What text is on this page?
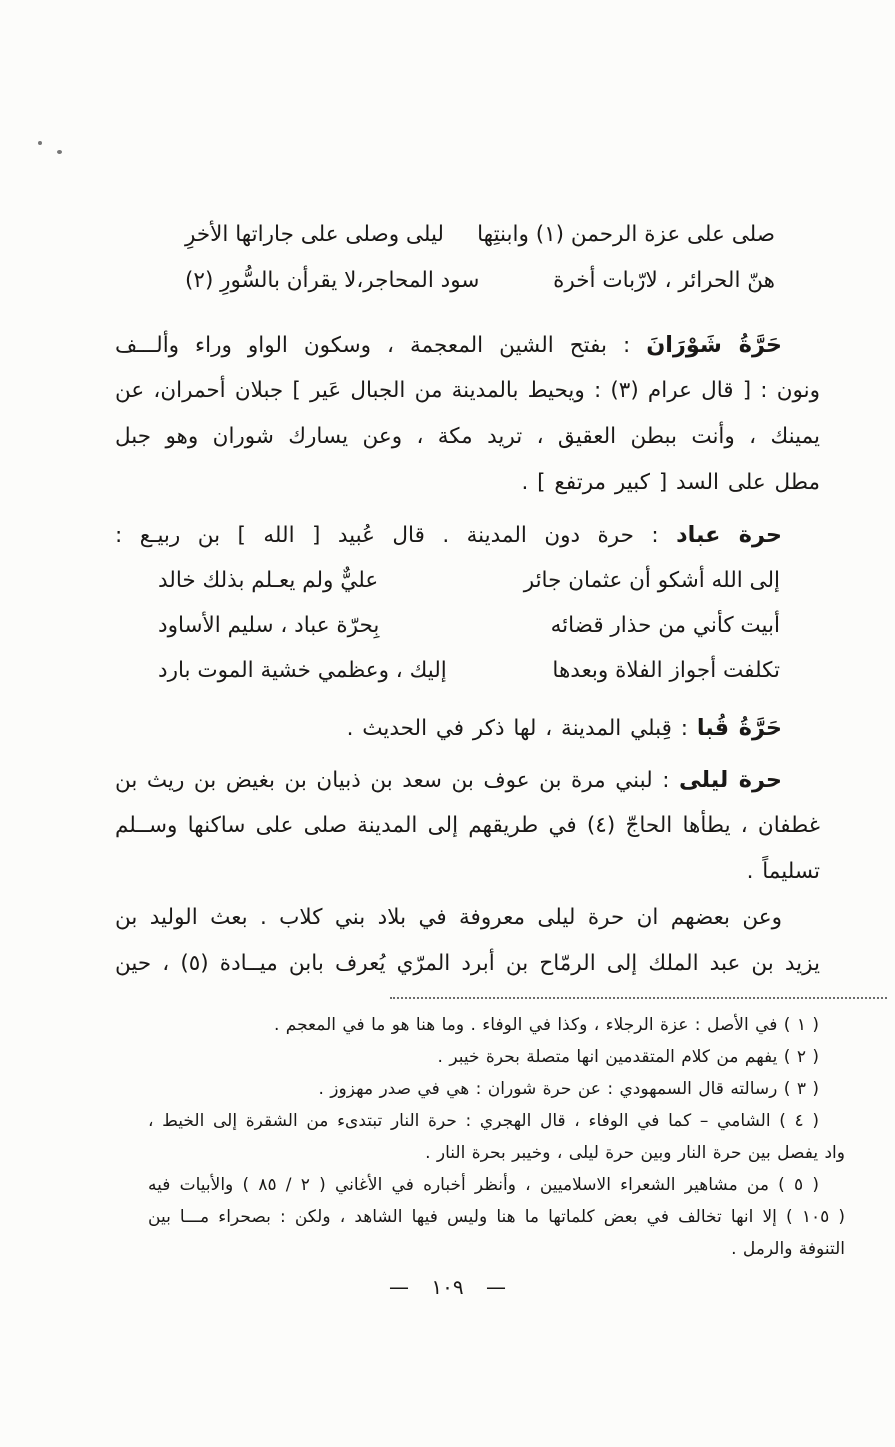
صلى على عزة الرحمن (١) وابنتِها
ليلى وصلى على جاراتها الأخرِ
هنّ الحرائر ، لارّبات أخرة
سود المحاجر،لا يقرأن بالسُّورِ (٢)
حَرَّةُ شَوْرَانَ : بفتح الشين المعجمة ، وسكون الواو وراء وألـــف
ونون : [ قال عرام (٣) : ويحيط بالمدينة من الجبال عَير ] جبلان أحمران، عن
يمينك ، وأنت ببطن العقيق ، تريد مكة ، وعن يسارك شوران وهو جبل
مطل على السد [ كبير مرتفع ] .
حرة عباد : حرة دون المدينة . قال عُبيد [ الله ] بن ربيـع :
إلى الله أشكو أن عثمان جائر
عليٌّ ولم يعـلم بذلك خالد
أبيت كأني من حذار قضائه
بِحرّة عباد ، سليم الأساود
تكلفت أجواز الفلاة وبعدها
إليك ، وعظمي خشية الموت بارد
حَرَّةُ قُبا : قِبلي المدينة ، لها ذكر في الحديث .
حرة ليلى : لبني مرة بن عوف بن سعد بن ذبيان بن بغيض بن ريث بن
غطفان ، يطأها الحاجّ (٤) في طريقهم إلى المدينة صلى على ساكنها وســلم
تسليماً .
وعن بعضهم ان حرة ليلى معروفة في بلاد بني كلاب . بعث الوليد بن
يزيد بن عبد الملك إلى الرمّاح بن أبرد المرّي يُعرف بابن ميــادة (٥) ، حين
( ١ ) في الأصل : عزة الرجلاء ، وكذا في الوفاء . وما هنا هو ما في المعجم .
( ٢ ) يفهم من كلام المتقدمين انها متصلة بحرة خيبر .
( ٣ ) رسالته قال السمهودي : عن حرة شوران : هي في صدر مهزوز .
( ٤ ) الشامي – كما في الوفاء ، قال الهجري : حرة النار تبتدىء من الشقرة إلى الخيط ،
واد يفصل بين حرة النار وبين حرة ليلى ، وخيبر بحرة النار .
( ٥ ) من مشاهير الشعراء الاسلاميين ، وأنظر أخباره في الأغاني ( ٢ / ٨٥ ) والأبيات فيه
( ١٠٥ ) إلا انها تخالف في بعض كلماتها ما هنا وليس فيها الشاهد ، ولكن : بصحراء مـــا بين
التنوفة والرمل .
— ١٠٩ —
